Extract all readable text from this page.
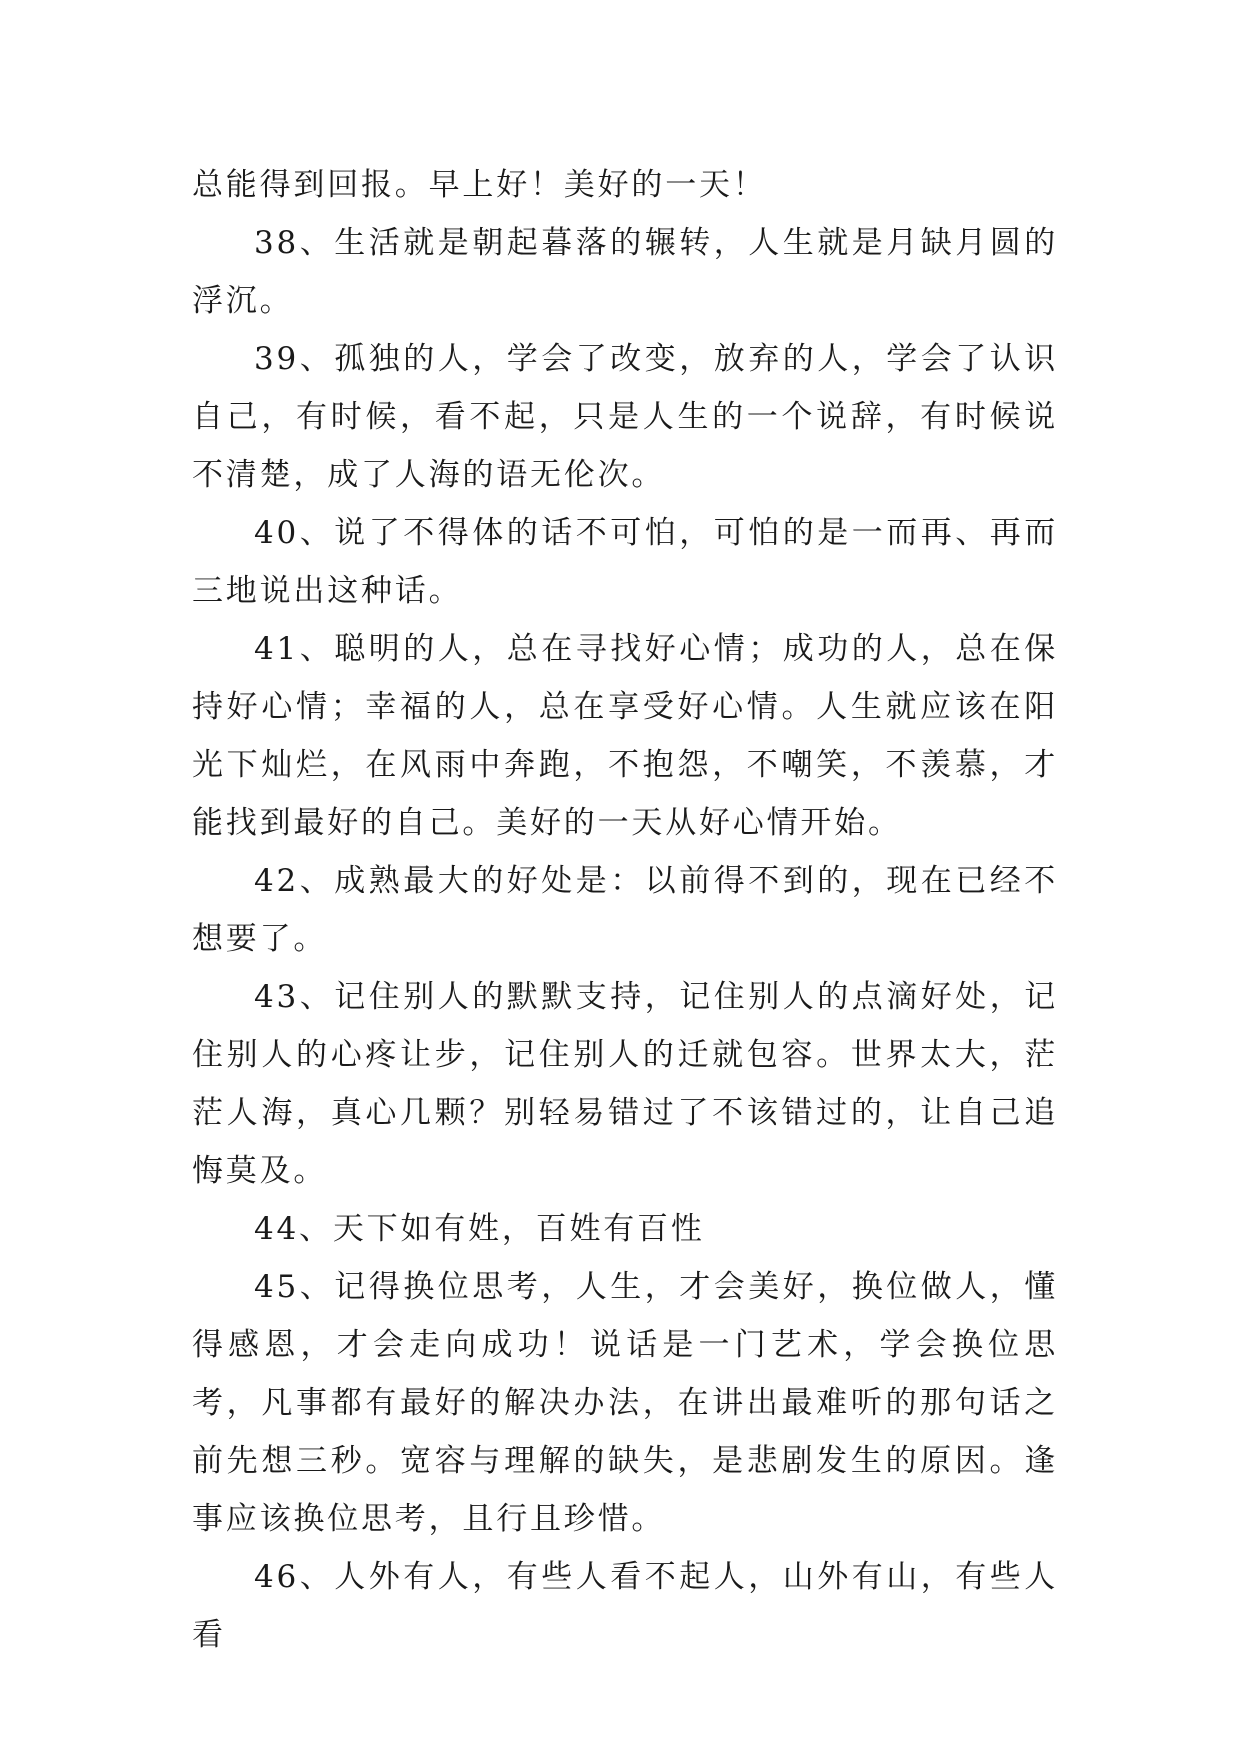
总能得到回报。早上好！美好的一天！

38、生活就是朝起暮落的辗转，人生就是月缺月圆的浮沉。

39、孤独的人，学会了改变，放弃的人，学会了认识自己，有时候，看不起，只是人生的一个说辞，有时候说不清楚，成了人海的语无伦次。

40、说了不得体的话不可怕，可怕的是一而再、再而三地说出这种话。

41、聪明的人，总在寻找好心情；成功的人，总在保持好心情；幸福的人，总在享受好心情。人生就应该在阳光下灿烂，在风雨中奔跑，不抱怨，不嘲笑，不羡慕，才能找到最好的自己。美好的一天从好心情开始。

42、成熟最大的好处是：以前得不到的，现在已经不想要了。

43、记住别人的默默支持，记住别人的点滴好处，记住别人的心疼让步，记住别人的迁就包容。世界太大，茫茫人海，真心几颗？别轻易错过了不该错过的，让自己追悔莫及。

44、天下如有姓，百姓有百性

45、记得换位思考，人生，才会美好，换位做人，懂得感恩，才会走向成功！说话是一门艺术，学会换位思考，凡事都有最好的解决办法，在讲出最难听的那句话之前先想三秒。宽容与理解的缺失，是悲剧发生的原因。逢事应该换位思考，且行且珍惜。

46、人外有人，有些人看不起人，山外有山，有些人看
